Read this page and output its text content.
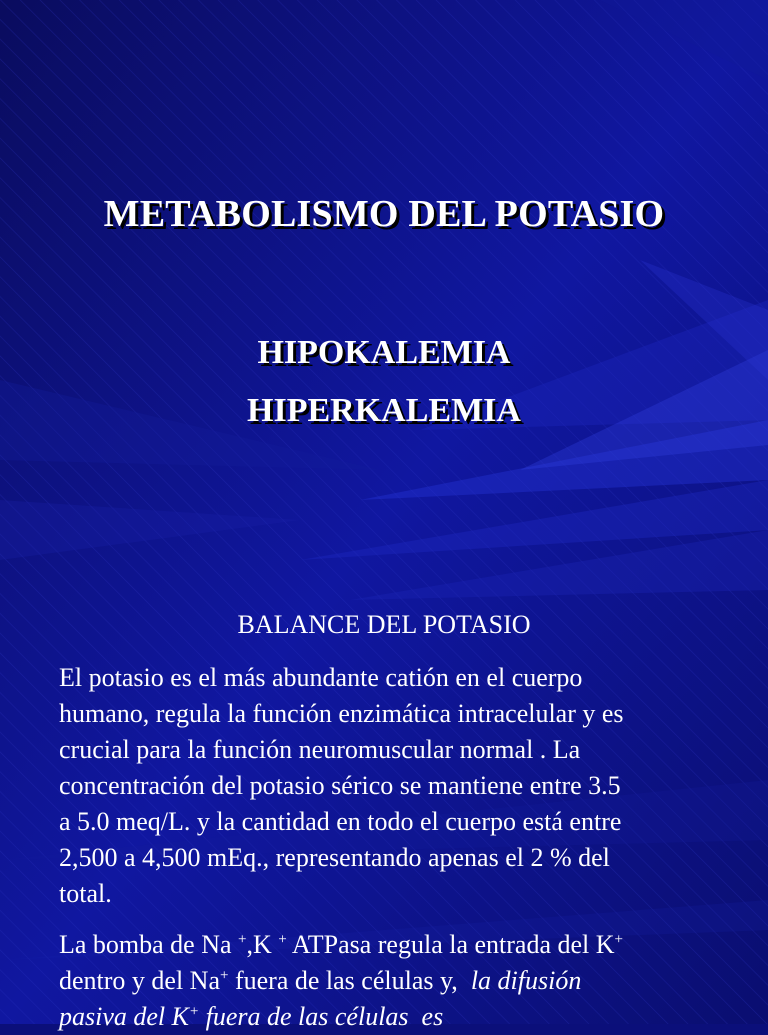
METABOLISMO DEL POTASIO
HIPOKALEMIA
HIPERKALEMIA
BALANCE DEL POTASIO
El potasio es el más abundante catión en el cuerpo
humano, regula la función enzimática intracelular y es
crucial para la función neuromuscular normal . La
concentración del potasio sérico se mantiene entre 3.5
a 5.0 meq/L. y la cantidad en todo el cuerpo está entre
2,500 a 4,500 mEq., representando apenas el 2 % del
total.
La bomba de Na +,K + ATPasa regula la entrada del K+
dentro y del Na+ fuera de las células y,  la difusión
pasiva del K+ fuera de las células  es
